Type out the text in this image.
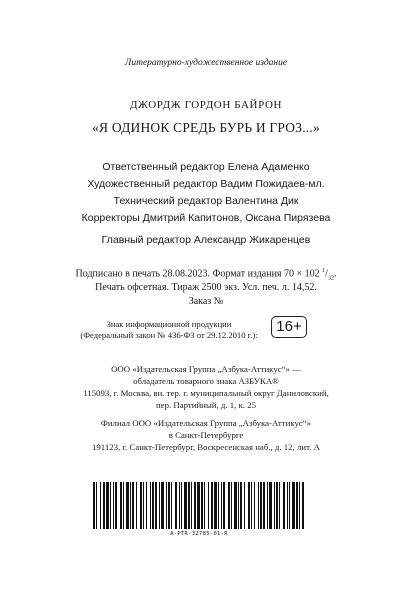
Литературно-художественное издание
ДЖОРДЖ ГОРДОН БАЙРОН
«Я ОДИНОК СРЕДЬ БУРЬ И ГРОЗ...»
Ответственный редактор Елена Адаменко
Художественный редактор Вадим Пожидаев-мл.
Технический редактор Валентина Дик
Корректоры Дмитрий Капитонов, Оксана Пирязева
Главный редактор Александр Жикаренцев
Подписано в печать 28.08.2023. Формат издания 70 × 102 $^1/_{32}$.
Печать офсетная. Тираж 2500 экз. Усл. печ. л. 14,52.
Заказ №
Знак информационной продукции
(Федеральный закон № 436-ФЗ от 29.12.2010 г.):	16+
ООО «Издательская Группа „Азбука-Аттикус“» —
обладатель товарного знака АЗБУКА®
115093, г. Москва, вн. тер. г. муниципальный округ Даниловский,
пер. Партийный, д. 1, к. 25
Филиал ООО «Издательская Группа „Азбука-Аттикус“»
в Санкт-Петербурге
191123, г. Санкт-Петербург, Воскресенская наб., д. 12, лит. А
A-PTR-32785-01-R
